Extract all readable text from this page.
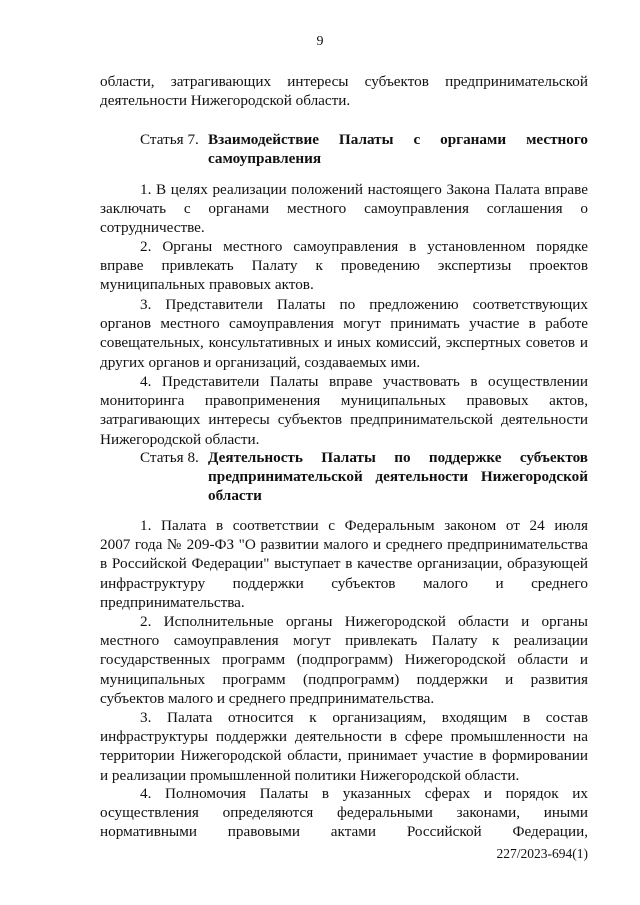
9
области, затрагивающих интересы субъектов предпринимательской
деятельности Нижегородской области.
Статья 7. Взаимодействие Палаты с органами местного
самоуправления
1. В целях реализации положений настоящего Закона Палата вправе
заключать с органами местного самоуправления соглашения о
сотрудничестве.
2. Органы местного самоуправления в установленном порядке
вправе привлекать Палату к проведению экспертизы проектов
муниципальных правовых актов.
3. Представители Палаты по предложению соответствующих
органов местного самоуправления могут принимать участие в работе
совещательных, консультативных и иных комиссий, экспертных советов и
других органов и организаций, создаваемых ими.
4. Представители Палаты вправе участвовать в осуществлении
мониторинга правоприменения муниципальных правовых актов,
затрагивающих интересы субъектов предпринимательской деятельности
Нижегородской области.
Статья 8. Деятельность Палаты по поддержке субъектов
предпринимательской деятельности Нижегородской
области
1. Палата в соответствии с Федеральным законом от 24 июля
2007 года № 209-ФЗ "О развитии малого и среднего предпринимательства
в Российской Федерации" выступает в качестве организации, образующей
инфраструктуру поддержки субъектов малого и среднего
предпринимательства.
2. Исполнительные органы Нижегородской области и органы
местного самоуправления могут привлекать Палату к реализации
государственных программ (подпрограмм) Нижегородской области и
муниципальных программ (подпрограмм) поддержки и развития
субъектов малого и среднего предпринимательства.
3. Палата относится к организациям, входящим в состав
инфраструктуры поддержки деятельности в сфере промышленности на
территории Нижегородской области, принимает участие в формировании
и реализации промышленной политики Нижегородской области.
4. Полномочия Палаты в указанных сферах и порядок их
осуществления определяются федеральными законами, иными
нормативными правовыми актами Российской Федерации,
227/2023-694(1)
